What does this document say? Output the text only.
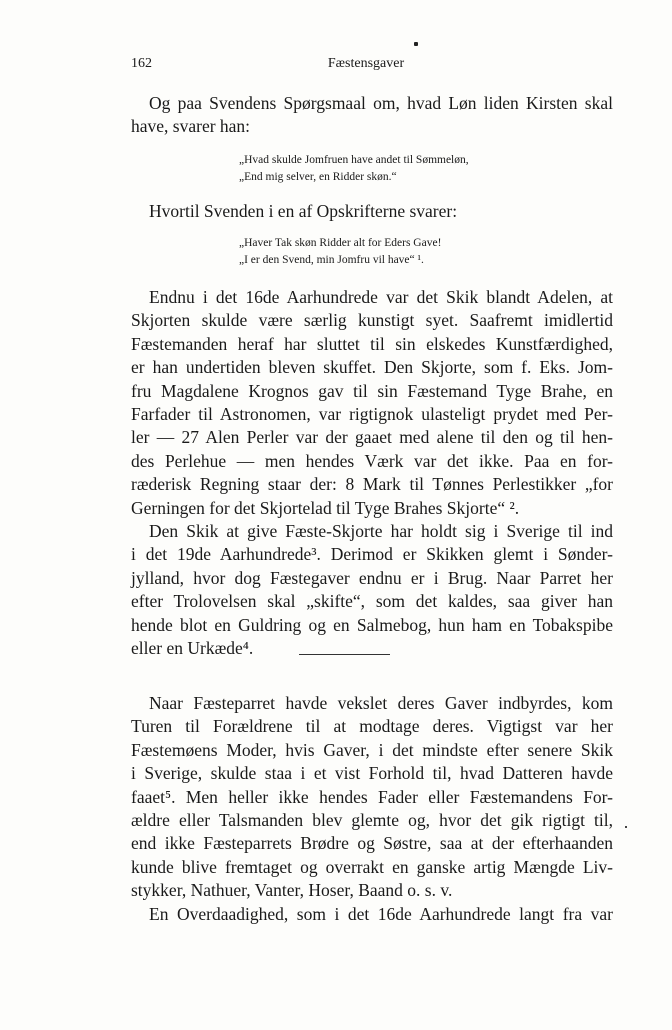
162	Fæstensgaver
Og paa Svendens Spørgsmaal om, hvad Løn liden Kirsten skal
have, svarer han:
„Hvad skulde Jomfruen have andet til Sømmeløn,
„End mig selver, en Ridder skøn.“
Hvortil Svenden i en af Opskrifterne svarer:
„Haver Tak skøn Ridder alt for Eders Gave!
„I er den Svend, min Jomfru vil have“ ¹.
Endnu i det 16de Aarhundrede var det Skik blandt Adelen, at
Skjorten skulde være særlig kunstigt syet. Saafremt imidlertid
Fæstemanden heraf har sluttet til sin elskedes Kunstfærdighed,
er han undertiden bleven skuffet. Den Skjorte, som f. Eks. Jom-
fru Magdalene Krognos gav til sin Fæstemand Tyge Brahe, en
Farfader til Astronomen, var rigtignok ulasteligt prydet med Per-
ler — 27 Alen Perler var der gaaet med alene til den og til hen-
des Perlehue — men hendes Værk var det ikke. Paa en for-
ræderisk Regning staar der: 8 Mark til Tønnes Perlestikker „for
Gerningen for det Skjortelad til Tyge Brahes Skjorte“ ².
Den Skik at give Fæste-Skjorte har holdt sig i Sverige til ind
i det 19de Aarhundrede³. Derimod er Skikken glemt i Sønder-
jylland, hvor dog Fæstegaver endnu er i Brug. Naar Parret her
efter Trolovelsen skal „skifte“, som det kaldes, saa giver han
hende blot en Guldring og en Salmebog, hun ham en Tobakspibe
eller en Urkæde⁴.
Naar Fæsteparret havde vekslet deres Gaver indbyrdes, kom
Turen til Forældrene til at modtage deres. Vigtigst var her
Fæstemøens Moder, hvis Gaver, i det mindste efter senere Skik
i Sverige, skulde staa i et vist Forhold til, hvad Datteren havde
faaet⁵. Men heller ikke hendes Fader eller Fæstemandens For-
ældre eller Talsmanden blev glemte og, hvor det gik rigtigt til,
end ikke Fæsteparrets Brødre og Søstre, saa at der efterhaanden
kunde blive fremtaget og overrakt en ganske artig Mængde Liv-
stykker, Nathuer, Vanter, Hoser, Baand o. s. v.
En Overdaadighed, som i det 16de Aarhundrede langt fra var
